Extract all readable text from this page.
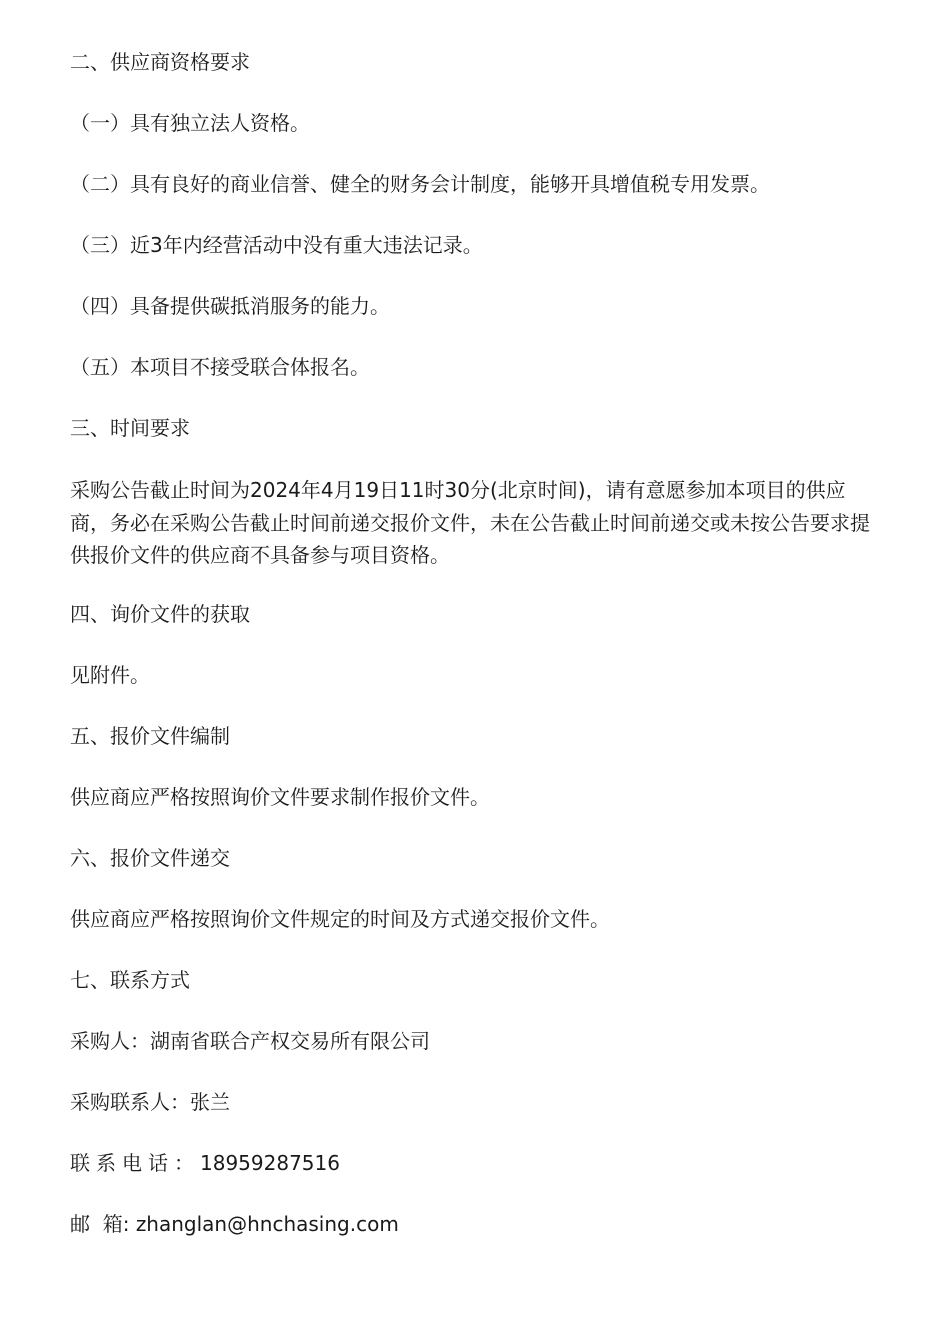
二、供应商资格要求

（一）具有独立法人资格。

（二）具有良好的商业信誉、健全的财务会计制度，能够开具增值税专用发票。

（三）近3年内经营活动中没有重大违法记录。

（四）具备提供碳抵消服务的能力。

（五）本项目不接受联合体报名。

三、时间要求

采购公告截止时间为2024年4月19日11时30分(北京时间)，请有意愿参加本项目的供应商，务必在采购公告截止时间前递交报价文件，未在公告截止时间前递交或未按公告要求提供报价文件的供应商不具备参与项目资格。

四、询价文件的获取

见附件。

五、报价文件编制

供应商应严格按照询价文件要求制作报价文件。

六、报价文件递交

供应商应严格按照询价文件规定的时间及方式递交报价文件。

七、联系方式

采购人：湖南省联合产权交易所有限公司

采购联系人：张兰

联系电话：18959287516

邮  箱: zhanglan@hnchasing.com
